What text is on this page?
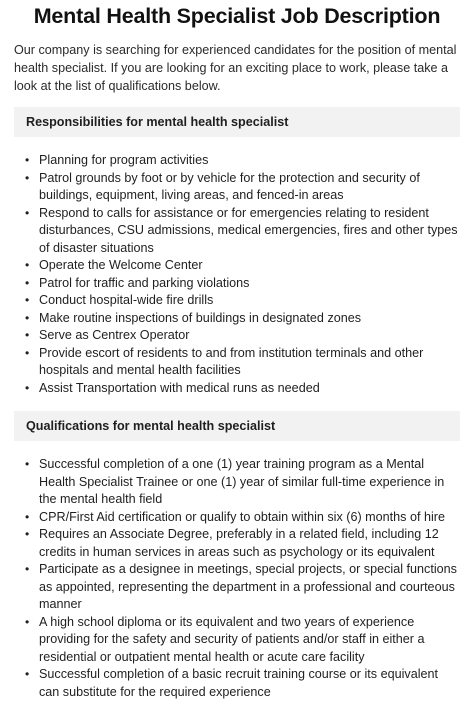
Mental Health Specialist Job Description

Our company is searching for experienced candidates for the position of mental health specialist. If you are looking for an exciting place to work, please take a look at the list of qualifications below.

Responsibilities for mental health specialist
• Planning for program activities
• Patrol grounds by foot or by vehicle for the protection and security of buildings, equipment, living areas, and fenced-in areas
• Respond to calls for assistance or for emergencies relating to resident disturbances, CSU admissions, medical emergencies, fires and other types of disaster situations
• Operate the Welcome Center
• Patrol for traffic and parking violations
• Conduct hospital-wide fire drills
• Make routine inspections of buildings in designated zones
• Serve as Centrex Operator
• Provide escort of residents to and from institution terminals and other hospitals and mental health facilities
• Assist Transportation with medical runs as needed
Qualifications for mental health specialist
• Successful completion of a one (1) year training program as a Mental Health Specialist Trainee or one (1) year of similar full-time experience in the mental health field
• CPR/First Aid certification or qualify to obtain within six (6) months of hire
• Requires an Associate Degree, preferably in a related field, including 12 credits in human services in areas such as psychology or its equivalent
• Participate as a designee in meetings, special projects, or special functions as appointed, representing the department in a professional and courteous manner
• A high school diploma or its equivalent and two years of experience providing for the safety and security of patients and/or staff in either a residential or outpatient mental health or acute care facility
• Successful completion of a basic recruit training course or its equivalent can substitute for the required experience
